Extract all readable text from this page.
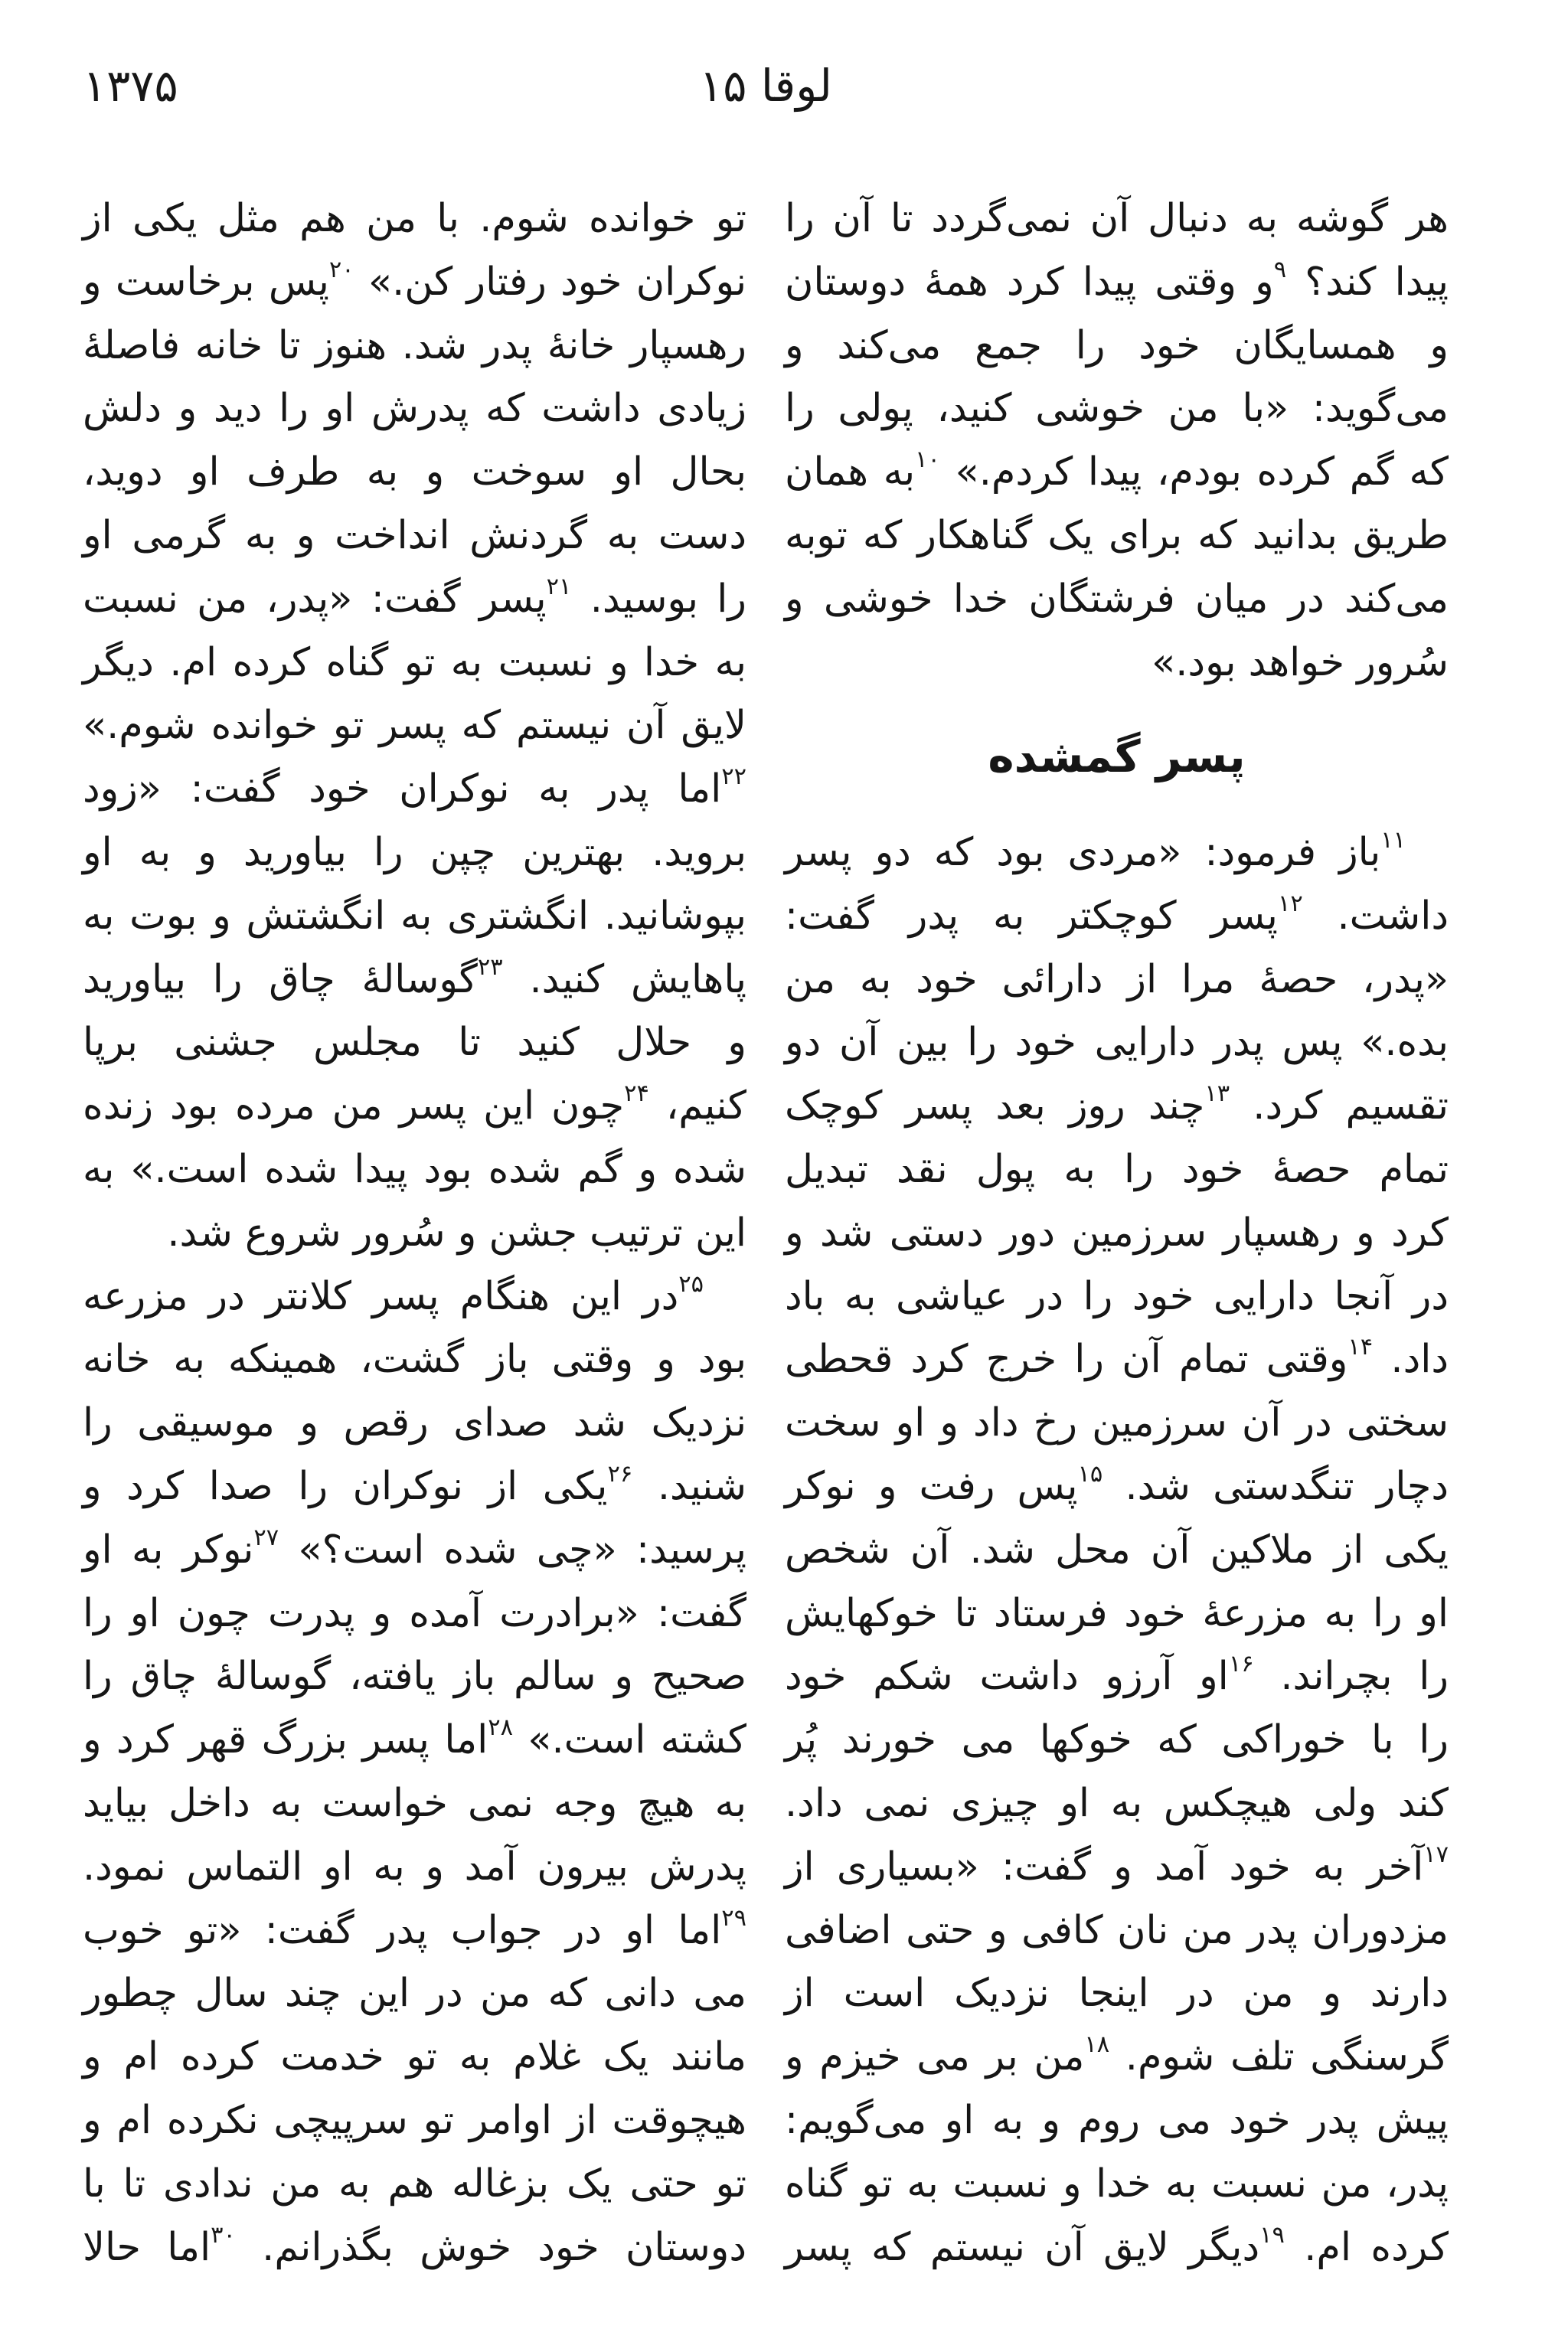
۱۳۷۵	لوقا ۱۵
هر گوشه به دنبال آن نمی‌گردد تا آن را
پیدا کند؟ $^۹$و وقتی پیدا کرد همهٔ دوستان
و همسایگان خود را جمع می‌کند و
می‌گوید: «با من خوشی کنید، پولی را
که گم کرده بودم، پیدا کردم.» $^{۱۰}$به همان
طریق بدانید که برای یک گناهکار که توبه
می‌کند در میان فرشتگان خدا خوشی و
سُرور خواهد بود.»
پسر گمشده
$^{۱۱}$باز فرمود: «مردی بود که دو پسر
داشت. $^{۱۲}$پسر کوچکتر به پدر گفت:
«پدر، حصهٔ مرا از دارائی خود به من
بده.» پس پدر دارایی خود را بین آن دو
تقسیم کرد. $^{۱۳}$چند روز بعد پسر کوچک
تمام حصهٔ خود را به پول نقد تبدیل
کرد و رهسپار سرزمین دور دستی شد و
در آنجا دارایی خود را در عیاشی به باد
داد. $^{۱۴}$وقتی تمام آن را خرج کرد قحطی
سختی در آن سرزمین رخ داد و او سخت
دچار تنگدستی شد. $^{۱۵}$پس رفت و نوکر
یکی از ملاکین آن محل شد. آن شخص
او را به مزرعهٔ خود فرستاد تا خوکهایش
را بچراند. $^{۱۶}$او آرزو داشت شکم خود
را با خوراکی که خوکها می خورند پُر
کند ولی هیچکس به او چیزی نمی داد.
$^{۱۷}$آخر به خود آمد و گفت: «بسیاری از
مزدوران پدر من نان کافی و حتی اضافی
دارند و من در اینجا نزدیک است از
گرسنگی تلف شوم. $^{۱۸}$من بر می خیزم و
پیش پدر خود می روم و به او می‌گویم:
پدر، من نسبت به خدا و نسبت به تو گناه
کرده ام. $^{۱۹}$دیگر لایق آن نیستم که پسر
تو خوانده شوم. با من هم مثل یکی از
نوکران خود رفتار کن.» $^{۲۰}$پس برخاست و
رهسپار خانهٔ پدر شد. هنوز تا خانه فاصلهٔ
زیادی داشت که پدرش او را دید و دلش
بحال او سوخت و به طرف او دوید،
دست به گردنش انداخت و به گرمی او
را بوسید. $^{۲۱}$پسر گفت: «پدر، من نسبت
به خدا و نسبت به تو گناه کرده ام. دیگر
لایق آن نیستم که پسر تو خوانده شوم.»
$^{۲۲}$اما پدر به نوکران خود گفت: «زود
بروید. بهترین چپن را بیاورید و به او
بپوشانید. انگشتری به انگشتش و بوت به
پاهایش کنید. $^{۲۳}$گوسالهٔ چاق را بیاورید
و حلال کنید تا مجلس جشنی برپا
کنیم، $^{۲۴}$چون این پسر من مرده بود زنده
شده و گم شده بود پیدا شده است.» به
این ترتیب جشن و سُرور شروع شد.
$^{۲۵}$در این هنگام پسر کلانتر در مزرعه
بود و وقتی باز گشت، همینکه به خانه
نزدیک شد صدای رقص و موسیقی را
شنید. $^{۲۶}$یکی از نوکران را صدا کرد و
پرسید: «چی شده است؟» $^{۲۷}$نوکر به او
گفت: «برادرت آمده و پدرت چون او را
صحیح و سالم باز یافته، گوسالهٔ چاق را
کشته است.» $^{۲۸}$اما پسر بزرگ قهر کرد و
به هیچ وجه نمی خواست به داخل بیاید
پدرش بیرون آمد و به او التماس نمود.
$^{۲۹}$اما او در جواب پدر گفت: «تو خوب
می دانی که من در این چند سال چطور
مانند یک غلام به تو خدمت کرده ام و
هیچوقت از اوامر تو سرپیچی نکرده ام و
تو حتی یک بزغاله هم به من ندادی تا با
دوستان خود خوش بگذرانم. $^{۳۰}$اما حالا
